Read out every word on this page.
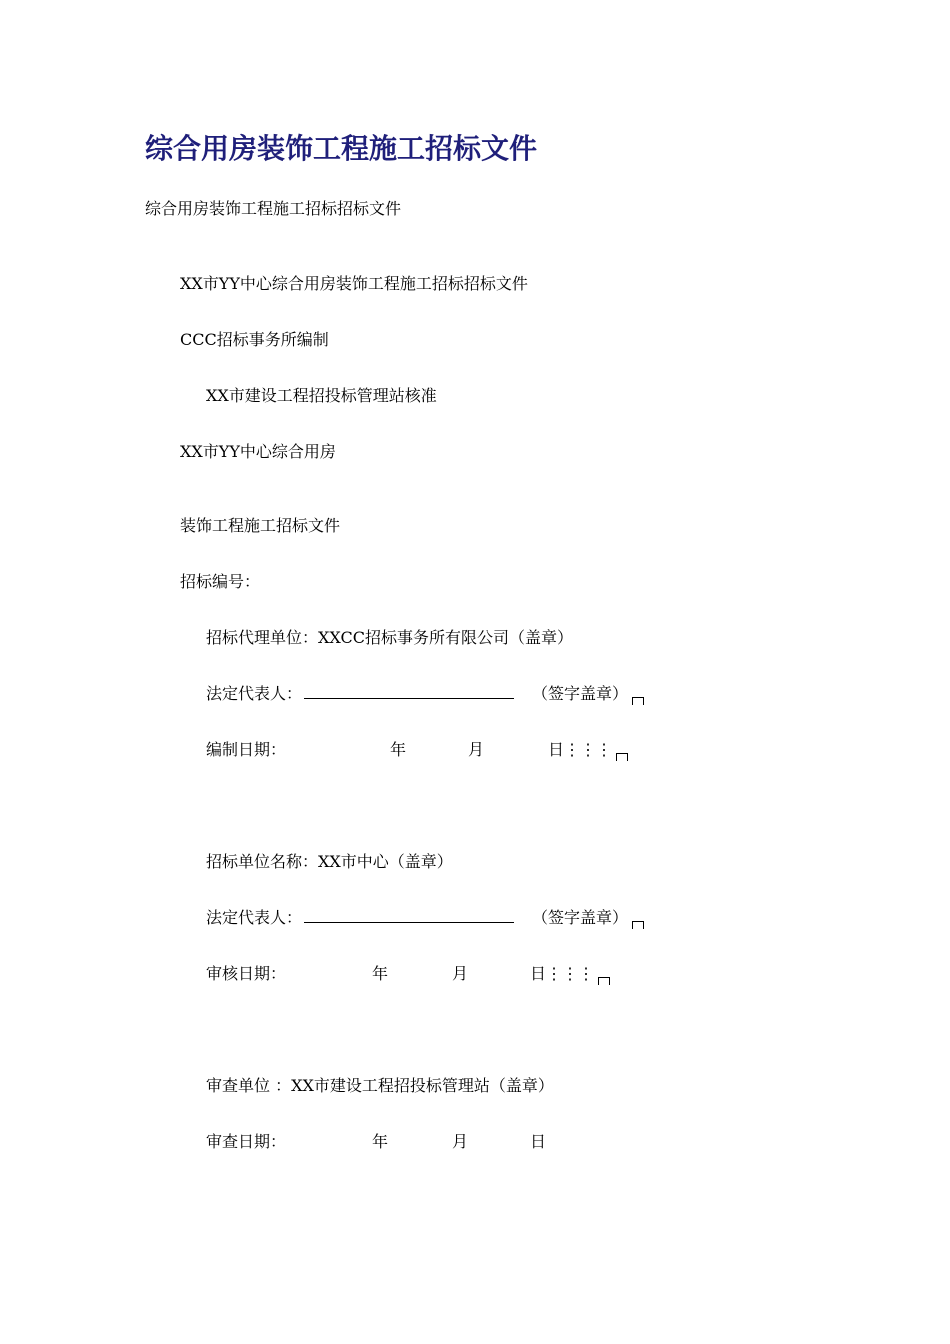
综合用房装饰工程施工招标文件
综合用房装饰工程施工招标招标文件
XX市YY中心综合用房装饰工程施工招标招标文件
CCC招标事务所编制
XX市建设工程招投标管理站核准
XX市YY中心综合用房
装饰工程施工招标文件
招标编号：
招标代理单位：XXCC招标事务所有限公司（盖章）
法定代表人：	（签字盖章）
编制日期：	年	月	日⋮⋮⋮
招标单位名称：XX市中心（盖章）
法定代表人：	（签字盖章）
审核日期：	年	月	日⋮⋮⋮
审查单位 ：XX市建设工程招投标管理站（盖章）
审查日期：	年	月	日
